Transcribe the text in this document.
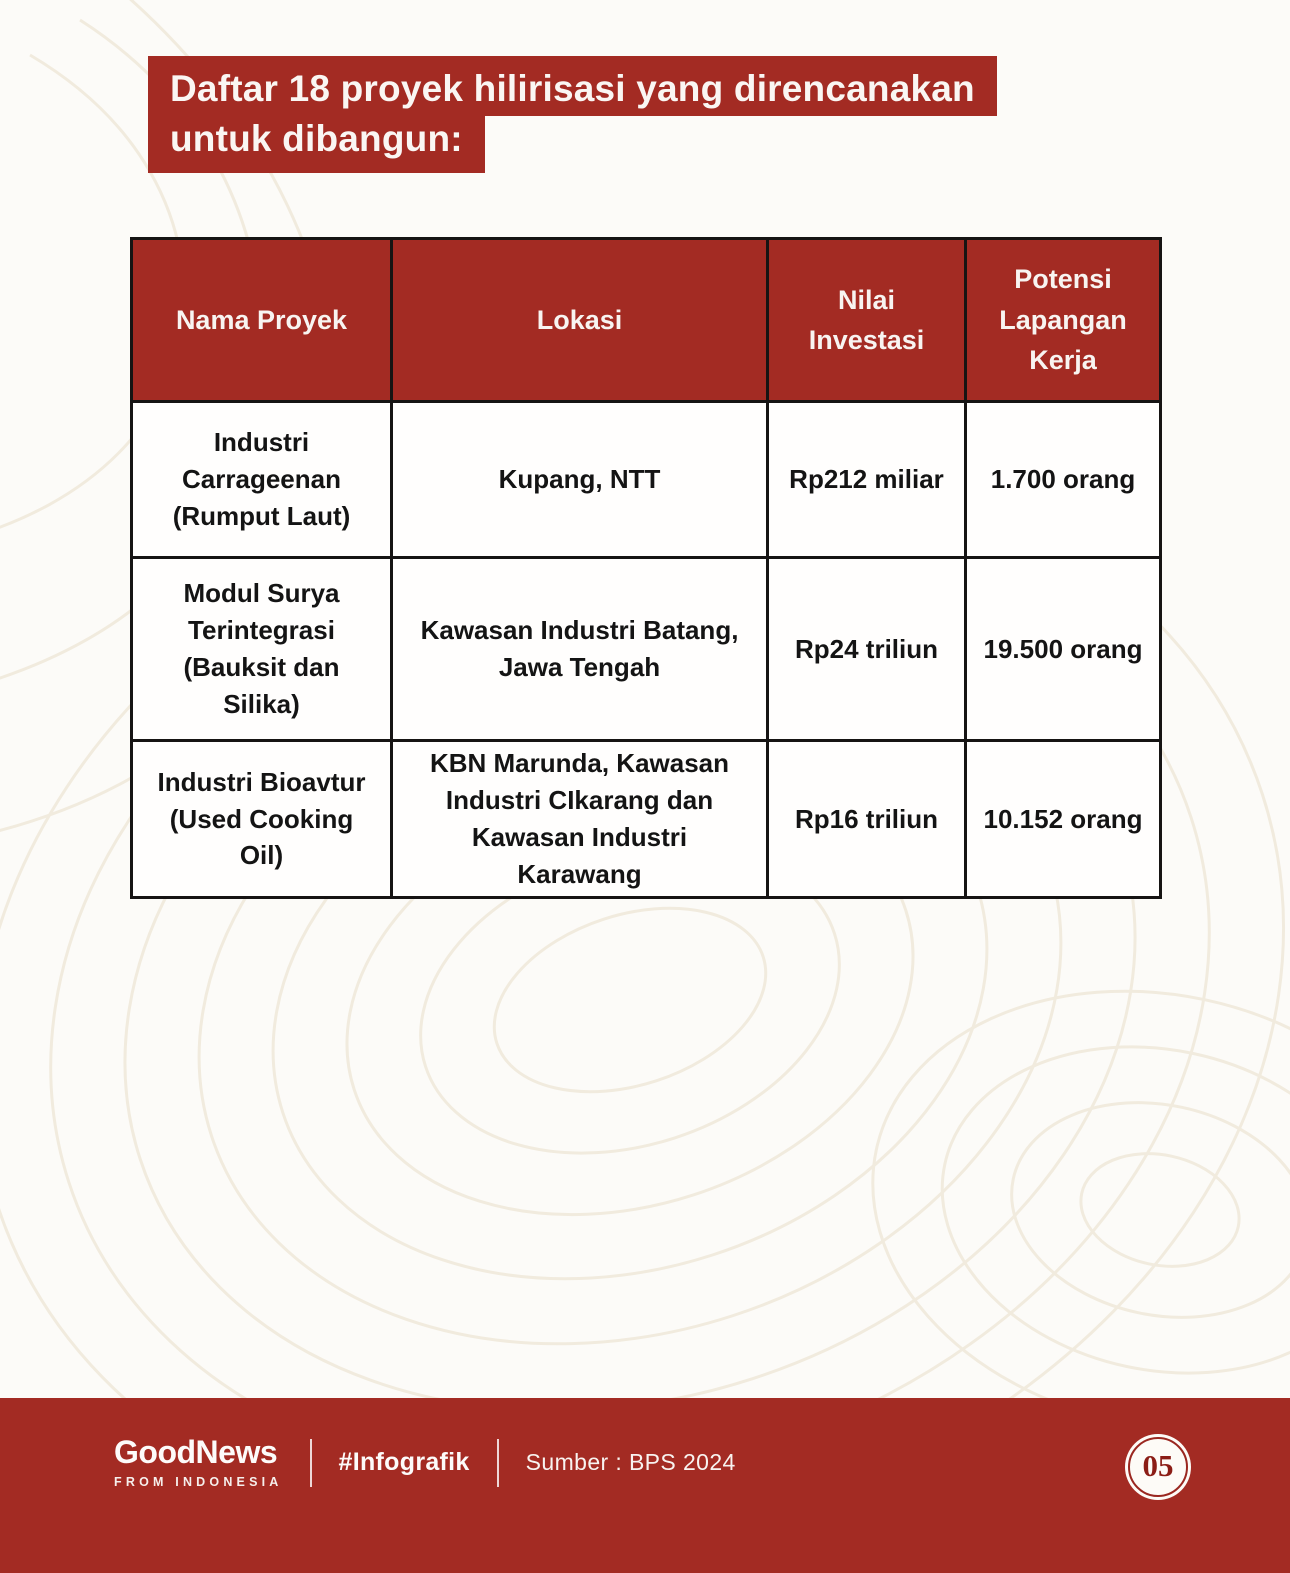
Daftar 18 proyek hilirisasi yang direncanakan
untuk dibangun:
Nama Proyek	Lokasi	Nilai Investasi	Potensi Lapangan Kerja
Industri Carrageenan (Rumput Laut)	Kupang, NTT	Rp212 miliar	1.700 orang
Modul Surya Terintegrasi (Bauksit dan Silika)	Kawasan Industri Batang, Jawa Tengah	Rp24 triliun	19.500 orang
Industri Bioavtur (Used Cooking Oil)	KBN Marunda, Kawasan Industri CIkarang dan Kawasan Industri Karawang	Rp16 triliun	10.152 orang
GoodNews
FROM INDONESIA
#Infografik Sumber : BPS 2024	05
